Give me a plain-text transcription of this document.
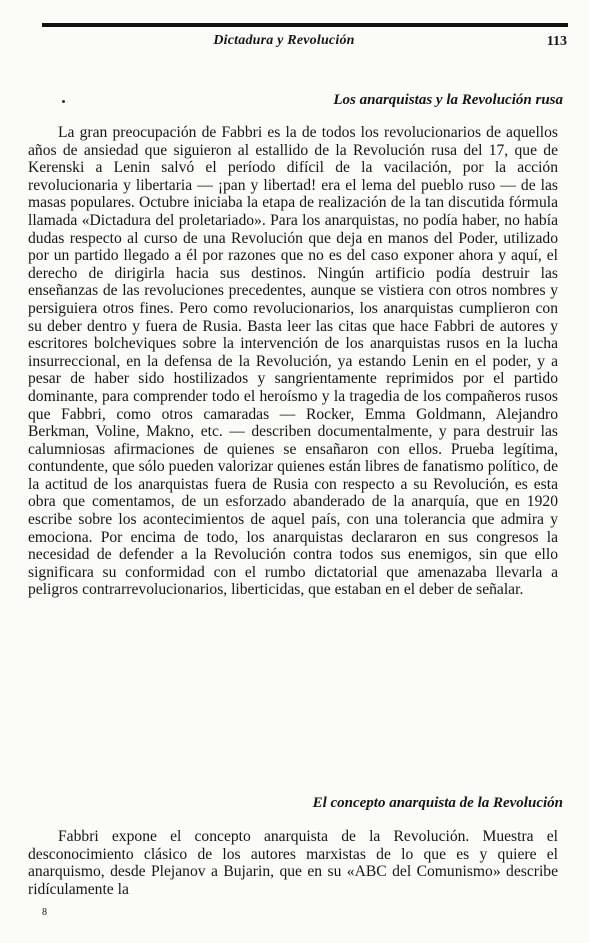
Dictadura y Revolución	113
Los anarquistas y la Revolución rusa

La gran preocupación de Fabbri es la de todos los revolucionarios de aquellos años de ansiedad que siguieron al estallido de la Revolución rusa del 17, que de Kerenski a Lenin salvó el período difícil de la vacilación, por la acción revolucionaria y libertaria — ¡pan y libertad! era el lema del pueblo ruso — de las masas populares. Octubre iniciaba la etapa de realización de la tan discutida fórmula llamada «Dictadura del proletariado». Para los anarquistas, no podía haber, no había dudas respecto al curso de una Revolución que deja en manos del Poder, utilizado por un partido llegado a él por razones que no es del caso exponer ahora y aquí, el derecho de dirigirla hacia sus destinos. Ningún artificio podía destruir las enseñanzas de las revoluciones precedentes, aunque se vistiera con otros nombres y persiguiera otros fines. Pero como revolucionarios, los anarquistas cumplieron con su deber dentro y fuera de Rusia. Basta leer las citas que hace Fabbri de autores y escritores bolcheviques sobre la intervención de los anarquistas rusos en la lucha insurreccional, en la defensa de la Revolución, ya estando Lenin en el poder, y a pesar de haber sido hostilizados y sangrientamente reprimidos por el partido dominante, para comprender todo el heroísmo y la tragedia de los compañeros rusos que Fabbri, como otros camaradas — Rocker, Emma Goldmann, Alejandro Berkman, Voline, Makno, etc. — describen documentalmente, y para destruir las calumniosas afirmaciones de quienes se ensañaron con ellos. Prueba legítima, contundente, que sólo pueden valorizar quienes están libres de fanatismo político, de la actitud de los anarquistas fuera de Rusia con respecto a su Revolución, es esta obra que comentamos, de un esforzado abanderado de la anarquía, que en 1920 escribe sobre los acontecimientos de aquel país, con una tolerancia que admira y emociona. Por encima de todo, los anarquistas declararon en sus congresos la necesidad de defender a la Revolución contra todos sus enemigos, sin que ello significara su conformidad con el rumbo dictatorial que amenazaba llevarla a peligros contrarrevolucionarios, liberticidas, que estaban en el deber de señalar.

El concepto anarquista de la Revolución

Fabbri expone el concepto anarquista de la Revolución. Muestra el desconocimiento clásico de los autores marxistas de lo que es y quiere el anarquismo, desde Plejanov a Bujarin, que en su «ABC del Comunismo» describe ridículamente la

8
